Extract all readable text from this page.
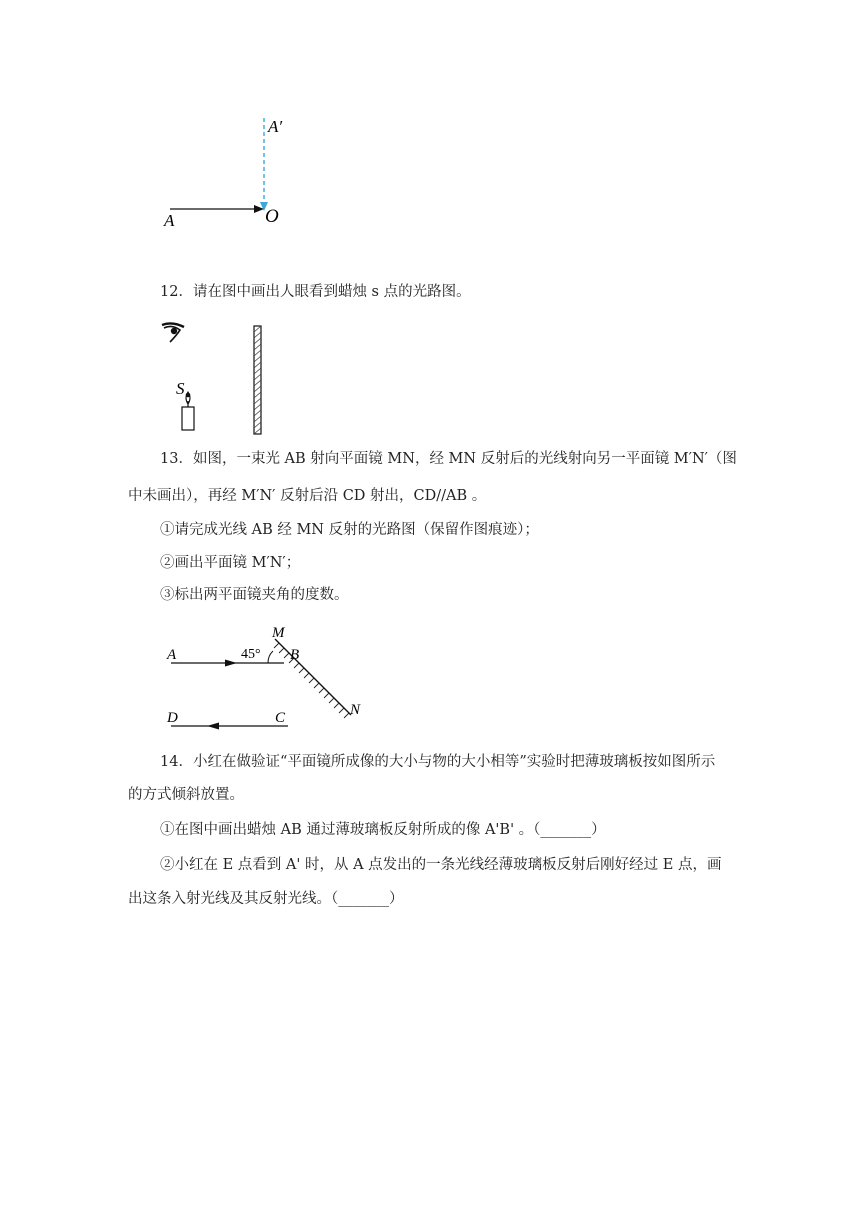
A′
O
A
12．请在图中画出人眼看到蜡烛 s 点的光路图。
S
13．如图，一束光 AB 射向平面镜 MN，经 MN 反射后的光线射向另一平面镜 M′N′（图
中未画出），再经 M′N′ 反射后沿 CD 射出，CD//AB 。
①请完成光线 AB 经 MN 反射的光路图（保留作图痕迹）；
②画出平面镜 M′N′；
③标出两平面镜夹角的度数。
A	45°
M
B
N
D	C
14．小红在做验证“平面镜所成像的大小与物的大小相等”实验时把薄玻璃板按如图所示
的方式倾斜放置。
①在图中画出蜡烛 AB 通过薄玻璃板反射所成的像 A'B' 。（_______）
②小红在 E 点看到 A' 时，从 A 点发出的一条光线经薄玻璃板反射后刚好经过 E 点，画
出这条入射光线及其反射光线。（_______）
